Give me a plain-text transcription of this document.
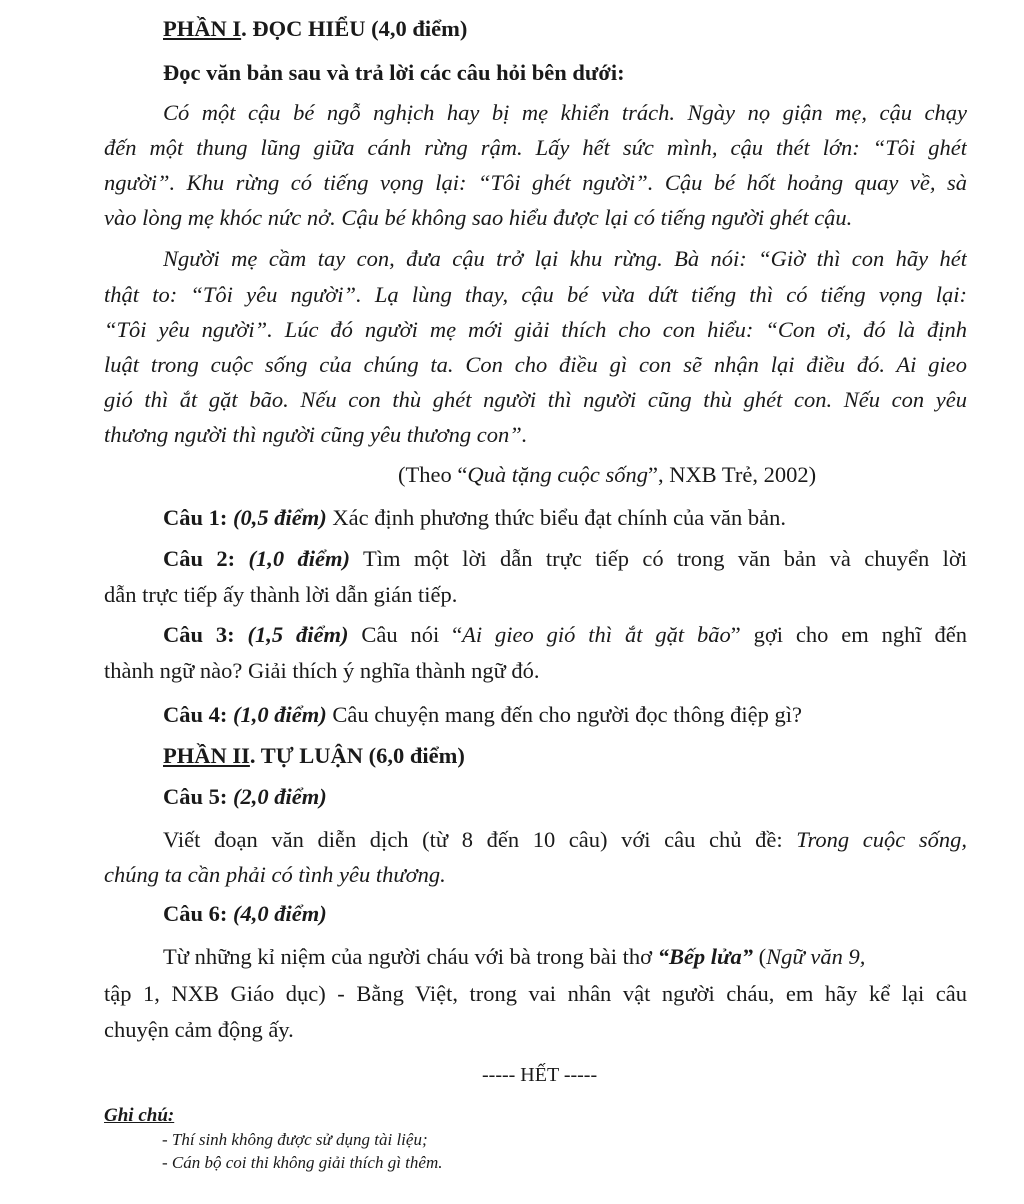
PHẦN I. ĐỌC HIỂU (4,0 điểm)
Đọc văn bản sau và trả lời các câu hỏi bên dưới:
Có một cậu bé ngỗ nghịch hay bị mẹ khiển trách. Ngày nọ giận mẹ, cậu chạy
đến một thung lũng giữa cánh rừng rậm. Lấy hết sức mình, cậu thét lớn: “Tôi ghét
người”. Khu rừng có tiếng vọng lại: “Tôi ghét người”. Cậu bé hốt hoảng quay về, sà
vào lòng mẹ khóc nức nở. Cậu bé không sao hiểu được lại có tiếng người ghét cậu.
Người mẹ cầm tay con, đưa cậu trở lại khu rừng. Bà nói: “Giờ thì con hãy hét
thật to: “Tôi yêu người”. Lạ lùng thay, cậu bé vừa dứt tiếng thì có tiếng vọng lại:
“Tôi yêu người”. Lúc đó người mẹ mới giải thích cho con hiểu: “Con ơi, đó là định
luật trong cuộc sống của chúng ta. Con cho điều gì con sẽ nhận lại điều đó. Ai gieo
gió thì ắt gặt bão. Nếu con thù ghét người thì người cũng thù ghét con. Nếu con yêu
thương người thì người cũng yêu thương con”.
(Theo “Quà tặng cuộc sống”, NXB Trẻ, 2002)
Câu 1: (0,5 điểm) Xác định phương thức biểu đạt chính của văn bản.
Câu 2: (1,0 điểm) Tìm một lời dẫn trực tiếp có trong văn bản và chuyển lời
dẫn trực tiếp ấy thành lời dẫn gián tiếp.
Câu 3: (1,5 điểm) Câu nói “Ai gieo gió thì ắt gặt bão” gợi cho em nghĩ đến
thành ngữ nào? Giải thích ý nghĩa thành ngữ đó.
Câu 4: (1,0 điểm) Câu chuyện mang đến cho người đọc thông điệp gì?
PHẦN II. TỰ LUẬN (6,0 điểm)
Câu 5: (2,0 điểm)
Viết đoạn văn diễn dịch (từ 8 đến 10 câu) với câu chủ đề: Trong cuộc sống,
chúng ta cần phải có tình yêu thương.
Câu 6: (4,0 điểm)
Từ những kỉ niệm của người cháu với bà trong bài thơ “Bếp lửa” (Ngữ văn 9,
tập 1, NXB Giáo dục) - Bằng Việt, trong vai nhân vật người cháu, em hãy kể lại câu
chuyện cảm động ấy.
----- HẾT -----
Ghi chú:
- Thí sinh không được sử dụng tài liệu;
- Cán bộ coi thi không giải thích gì thêm.
